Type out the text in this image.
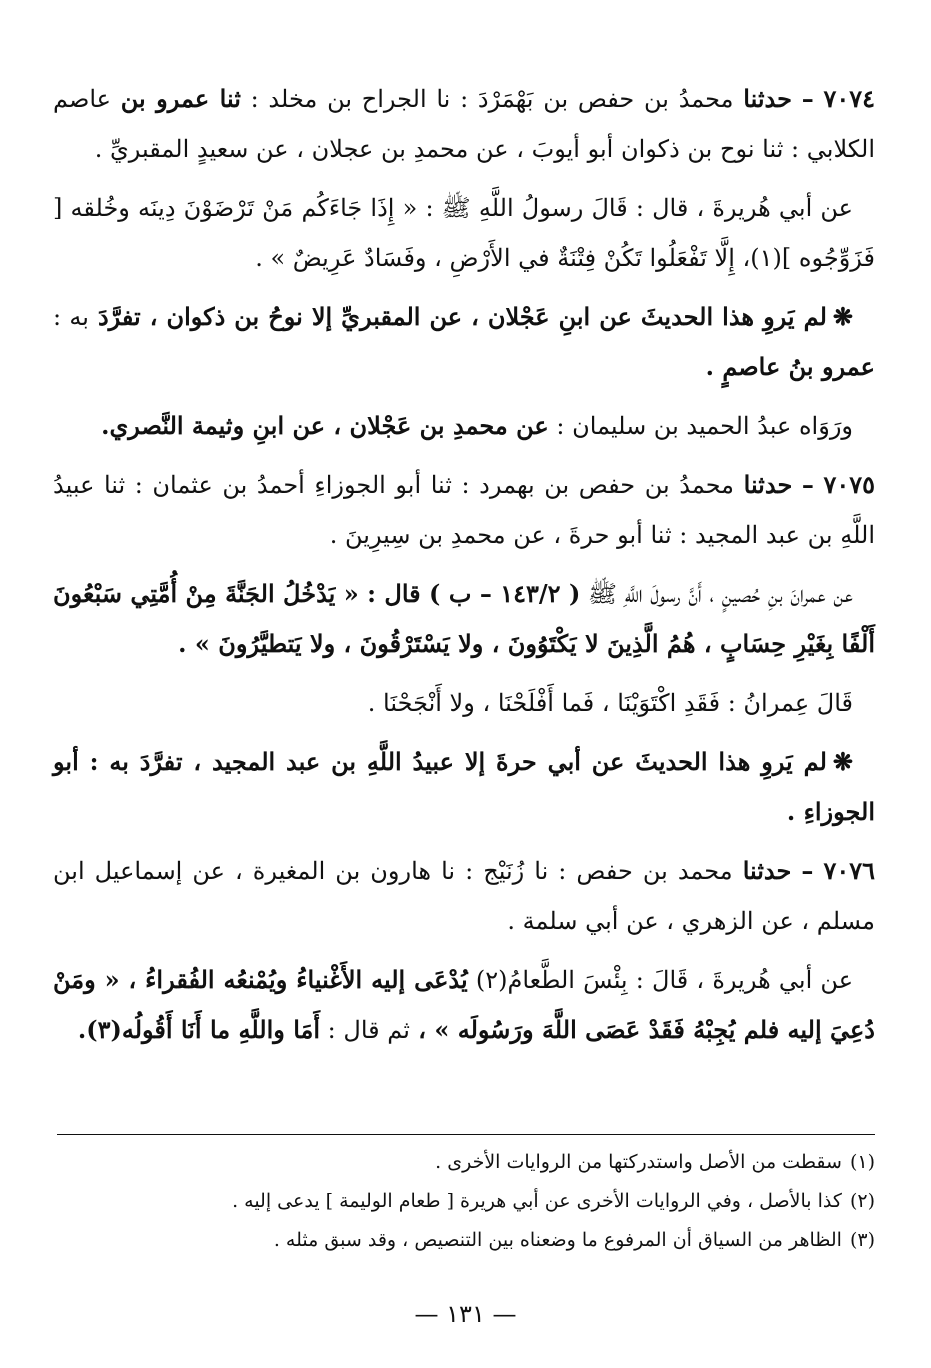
٧٠٧٤ – حدثنا محمدُ بن حفص بن بَهْمَرْدَ : نا الجراح بن مخلد : ثنا عمرو بن عاصم الكلابي : ثنا نوح بن ذكوان أبو أيوبَ ، عن محمدِ بن عجلان ، عن سعيدٍ المقبريِّ .

عن أبي هُريرةَ ، قال : قَالَ رسولُ اللَّهِ ﷺ : « إِذَا جَاءَكُم مَنْ تَرْضَوْنَ دِينَه وخُلقه [ فَزَوِّجُوه ](١)، إِلَّا تَفْعَلُوا تَكُنْ فِتْنَةٌ في الأَرْضِ ، وفَسَادٌ عَرِيضٌ » .

❋لم يَروِ هذا الحديثَ عن ابنِ عَجْلان ، عن المقبريِّ إلا نوحُ بن ذكوان ، تفرَّدَ به : عمرو بنُ عاصمٍ .

ورَوَاه عبدُ الحميد بن سليمان : عن محمدِ بن عَجْلان ، عن ابنِ وثيمة النَّصري.

٧٠٧٥ – حدثنا محمدُ بن حفص بن بهمرد : ثنا أبو الجوزاءِ أحمدُ بن عثمان : ثنا عبيدُ اللَّهِ بن عبد المجيد : ثنا أبو حرةَ ، عن محمدِ بن سِيرِينَ .

عن عمرانَ بنِ حُصينٍ ، أَنَّ رسولَ اللَّهِ ﷺ ( ١٤٣/٢ – ب ) قال : « يَدْخُلُ الجَنَّةَ مِنْ أُمَّتِي سَبْعُونَ أَلْفًا بِغَيْرِ حِسَابٍ ، هُمُ الَّذِينَ لا يَكْتَوُونَ ، ولا يَسْتَرْقُونَ ، ولا يَتطيَّرُونَ » .

قَالَ عِمرانُ : فَقَدِ اكْتَوَيْنَا ، فَما أَفْلَحْنَا ، ولا أَنْجَحْنَا .

❋لم يَروِ هذا الحديثَ عن أبي حرةَ إلا عبيدُ اللَّهِ بن عبد المجيد ، تفرَّدَ به : أبو الجوزاءِ .

٧٠٧٦ – حدثنا محمد بن حفص : نا زُنَيْج : نا هارون بن المغيرة ، عن إسماعيل ابن مسلم ، عن الزهري ، عن أبي سلمة .

عن أبي هُريرةَ ، قَالَ : بِئْسَ الطَّعامُ(٢) يُدْعَى إليه الأَغْنياءُ ويُمْنعُه الفُقراءُ ، « ومَنْ دُعِيَ إليه فلم يُجِبْهُ فَقَدْ عَصَى اللَّهَ ورَسُولَه » ، ثم قال : أَمَا واللَّهِ ما أَنَا أَقُولُه(٣).

(١)سقطت من الأصل واستدركتها من الروايات الأخرى .

(٢)كذا بالأصل ، وفي الروايات الأخرى عن أبي هريرة [ طعام الوليمة ] يدعى إليه .

(٣)الظاهر من السياق أن المرفوع ما وضعناه بين التنصيص ، وقد سبق مثله .

— ١٣١ —
